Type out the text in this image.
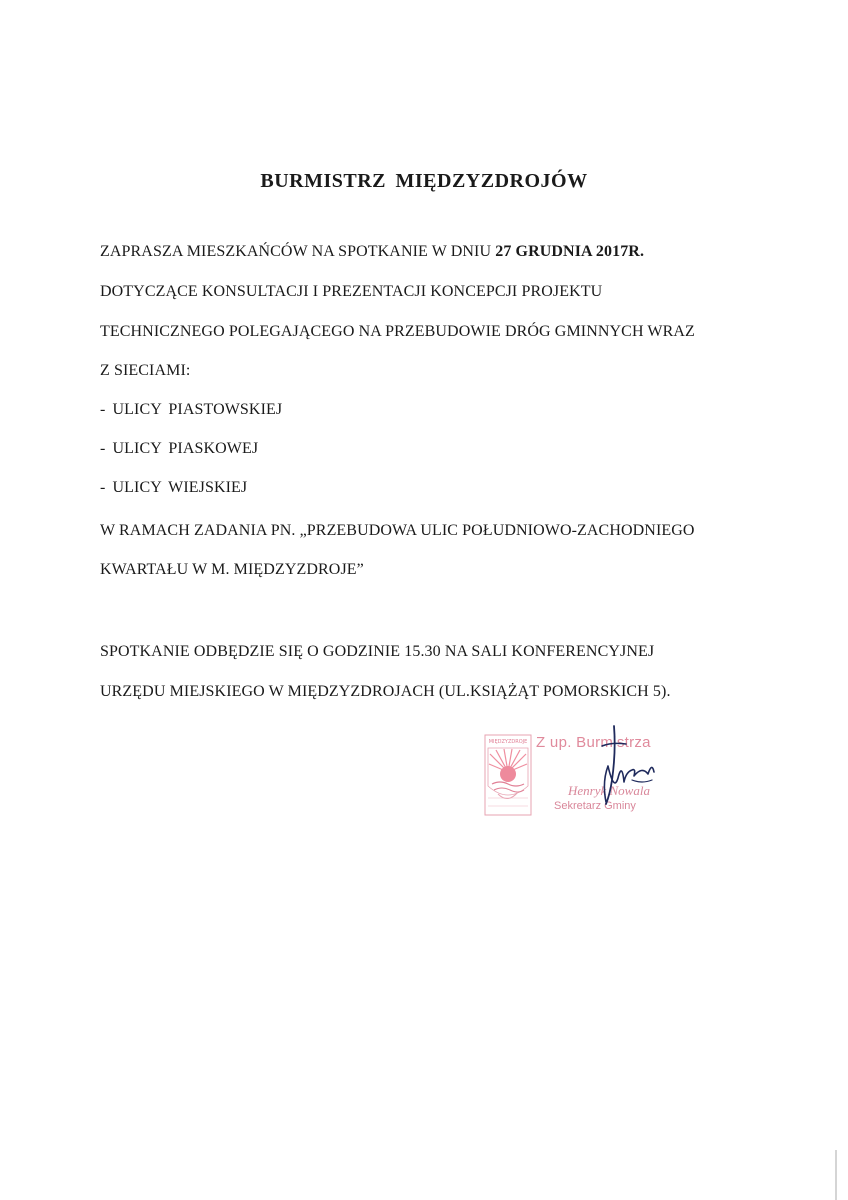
BURMISTRZ MIĘDZYZDROJÓW
ZAPRASZA MIESZKAŃCÓW NA SPOTKANIE W DNIU 27 GRUDNIA 2017R.
DOTYCZĄCE KONSULTACJI I PREZENTACJI KONCEPCJI PROJEKTU
TECHNICZNEGO POLEGAJĄCEGO NA PRZEBUDOWIE DRÓG GMINNYCH WRAZ
Z SIECIAMI:
- ULICY PIASTOWSKIEJ
- ULICY PIASKOWEJ
- ULICY WIEJSKIEJ
W RAMACH ZADANIA PN. „PRZEBUDOWA ULIC POŁUDNIOWO-ZACHODNIEGO
KWARTAŁU W M. MIĘDZYZDROJE”
SPOTKANIE ODBĘDZIE SIĘ O GODZINIE 15.30 NA SALI KONFERENCYJNEJ
URZĘDU MIEJSKIEGO W MIĘDZYZDROJACH (UL.KSIĄŻĄT POMORSKICH 5).
MIĘDZYZDROJE Z up. Burmistrza
Henryk Nowala
Sekretarz Gminy
